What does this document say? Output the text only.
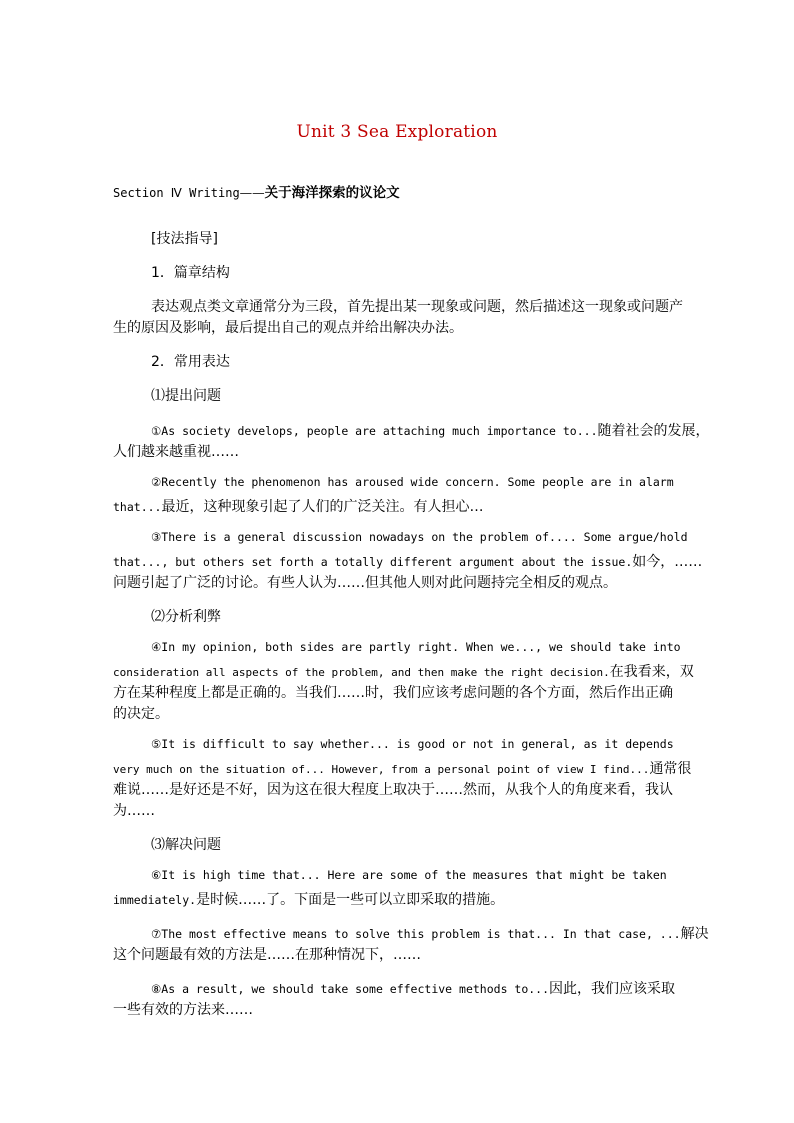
Unit 3 Sea Exploration
Section Ⅳ Writing——关于海洋探索的议论文
[技法指导]
1．篇章结构
表达观点类文章通常分为三段，首先提出某一现象或问题，然后描述这一现象或问题产
生的原因及影响，最后提出自己的观点并给出解决办法。
2．常用表达
⑴提出问题
①As society develops, people are attaching much importance to...随着社会的发展，
人们越来越重视……
②Recently the phenomenon has aroused wide concern. Some people are in alarm
that...最近，这种现象引起了人们的广泛关注。有人担心…
③There is a general discussion nowadays on the problem of.... Some argue/hold
that..., but others set forth a totally different argument about the issue.如今，……
问题引起了广泛的讨论。有些人认为……但其他人则对此问题持完全相反的观点。
⑵分析利弊
④In my opinion, both sides are partly right. When we..., we should take into
consideration all aspects of the problem, and then make the right decision.在我看来，双
方在某种程度上都是正确的。当我们……时，我们应该考虑问题的各个方面，然后作出正确
的决定。
⑤It is difficult to say whether... is good or not in general, as it depends
very much on the situation of... However, from a personal point of view I find...通常很
难说……是好还是不好，因为这在很大程度上取决于……然而，从我个人的角度来看，我认
为……
⑶解决问题
⑥It is high time that... Here are some of the measures that might be taken
immediately.是时候……了。下面是一些可以立即采取的措施。
⑦The most effective means to solve this problem is that... In that case, ...解决
这个问题最有效的方法是……在那种情况下，……
⑧As a result, we should take some effective methods to...因此，我们应该采取
一些有效的方法来……
